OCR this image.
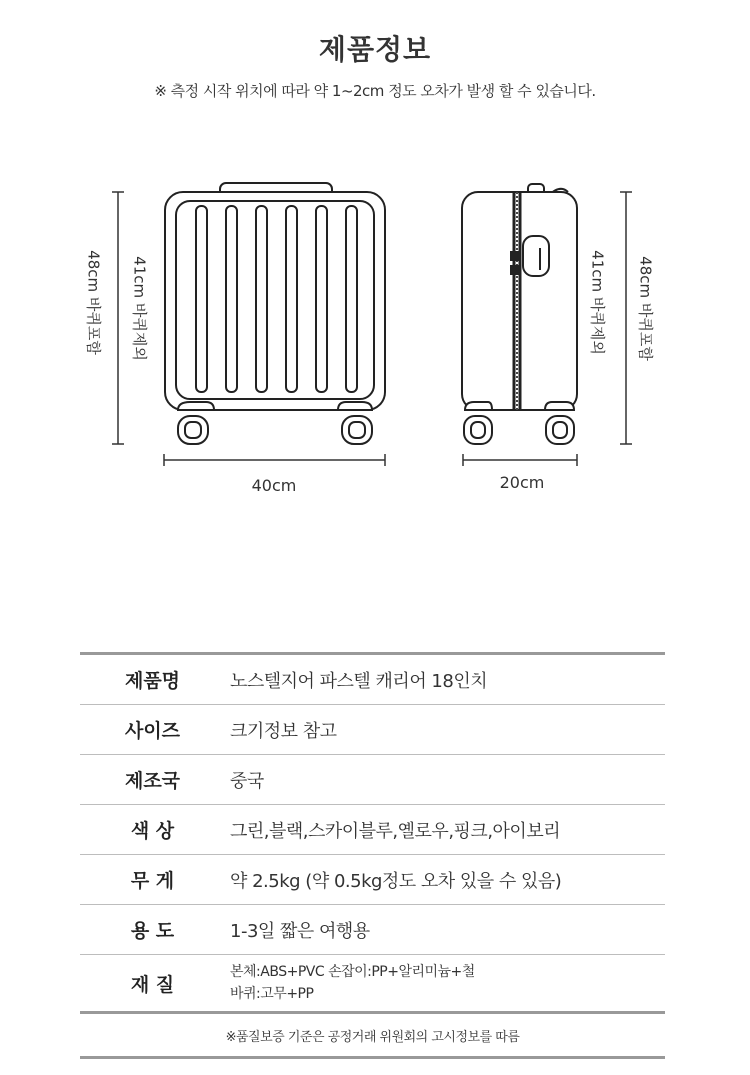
제품정보
※ 측정 시작 위치에 따라 약 1~2cm 정도 오차가 발생 할 수 있습니다.
48cm 바퀴포함 41cm 바퀴제외	41cm 바퀴제외 48cm 바퀴포함
40cm	20cm
제품명	노스텔지어 파스텔 캐리어 18인치
사이즈	크기정보 참고
제조국	중국
색 상	그린,블랙,스카이블루,옐로우,핑크,아이보리
무 게	약 2.5kg (약 0.5kg정도 오차 있을 수 있음)
용 도	1-3일 짧은 여행용
재 질
본체:ABS+PVC 손잡이:PP+알리미늄+철
바퀴:고무+PP
※품질보증 기준은 공정거래 위원회의 고시정보를 따름
